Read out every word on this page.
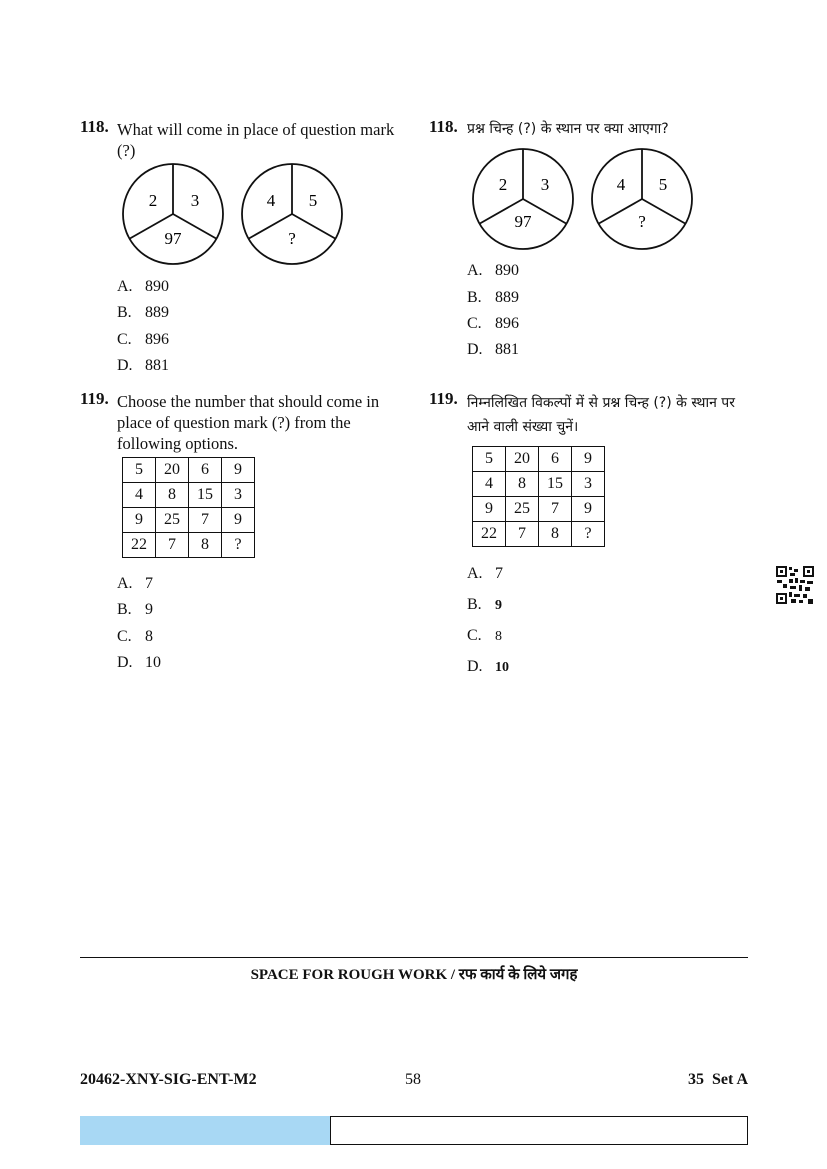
118. What will come in place of question mark (?)
2 3
97
4 5
?
A. 890
B. 889
C. 896
D. 881
119. Choose the number that should come in place of question mark (?) from the following options.
5	20	6	9
4	8	15	3
9	25	7	9
22	7	8	?
A. 7
B. 9
C. 8
D. 10
118. प्रश्न चिन्ह (?) के स्थान पर क्या आएगा?
2 3
97
4 5
?
A. 890
B. 889
C. 896
D. 881
119. निम्नलिखित विकल्पों में से प्रश्न चिन्ह (?) के स्थान पर आने वाली संख्या चुनें।
5	20	6	9
4	8	15	3
9	25	7	9
22	7	8	?
A. 7
B. 9
C. 8
D. 10
SPACE FOR ROUGH WORK / रफ कार्य के लिये जगह
20462-XNY-SIG-ENT-M2	58	35 Set A
